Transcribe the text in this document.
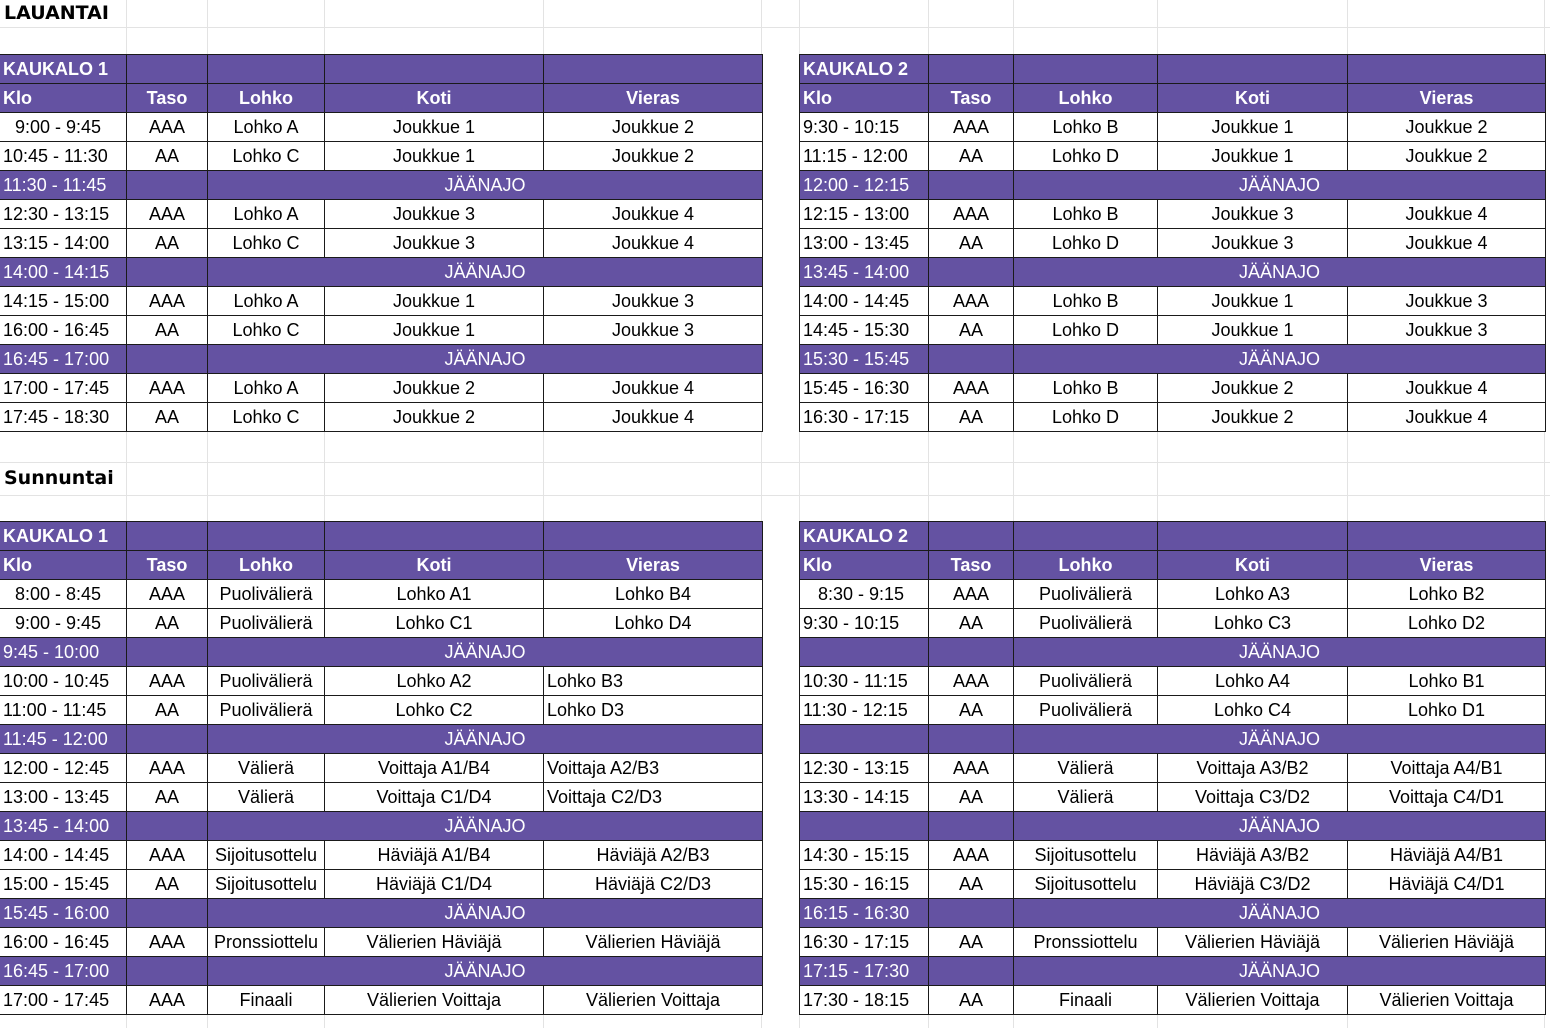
LAUANTAI
KAUKALO 1				
Klo	Taso	Lohko	Koti	Vieras
9:00 - 9:45	AAA	Lohko A	Joukkue 1	Joukkue 2
10:45 - 11:30	AA	Lohko C	Joukkue 1	Joukkue 2
11:30 - 11:45		JÄÄNAJO		
12:30 - 13:15	AAA	Lohko A	Joukkue 3	Joukkue 4
13:15 - 14:00	AA	Lohko C	Joukkue 3	Joukkue 4
14:00 - 14:15		JÄÄNAJO		
14:15 - 15:00	AAA	Lohko A	Joukkue 1	Joukkue 3
16:00 - 16:45	AA	Lohko C	Joukkue 1	Joukkue 3
16:45 - 17:00		JÄÄNAJO		
17:00 - 17:45	AAA	Lohko A	Joukkue 2	Joukkue 4
17:45 - 18:30	AA	Lohko C	Joukkue 2	Joukkue 4
KAUKALO 2				
Klo	Taso	Lohko	Koti	Vieras
9:30 - 10:15	AAA	Lohko B	Joukkue 1	Joukkue 2
11:15 - 12:00	AA	Lohko D	Joukkue 1	Joukkue 2
12:00 - 12:15		JÄÄNAJO		
12:15 - 13:00	AAA	Lohko B	Joukkue 3	Joukkue 4
13:00 - 13:45	AA	Lohko D	Joukkue 3	Joukkue 4
13:45 - 14:00		JÄÄNAJO		
14:00 - 14:45	AAA	Lohko B	Joukkue 1	Joukkue 3
14:45 - 15:30	AA	Lohko D	Joukkue 1	Joukkue 3
15:30 - 15:45		JÄÄNAJO		
15:45 - 16:30	AAA	Lohko B	Joukkue 2	Joukkue 4
16:30 - 17:15	AA	Lohko D	Joukkue 2	Joukkue 4
Sunnuntai
KAUKALO 1				
Klo	Taso	Lohko	Koti	Vieras
8:00 - 8:45	AAA	Puolivälierä	Lohko A1	Lohko B4
9:00 - 9:45	AA	Puolivälierä	Lohko C1	Lohko D4
9:45 - 10:00		JÄÄNAJO		
10:00 - 10:45	AAA	Puolivälierä	Lohko A2	Lohko B3
11:00 - 11:45	AA	Puolivälierä	Lohko C2	Lohko D3
11:45 - 12:00		JÄÄNAJO		
12:00 - 12:45	AAA	Välierä	Voittaja A1/B4	Voittaja A2/B3
13:00 - 13:45	AA	Välierä	Voittaja C1/D4	Voittaja C2/D3
13:45 - 14:00		JÄÄNAJO		
14:00 - 14:45	AAA	Sijoitusottelu	Häviäjä A1/B4	Häviäjä A2/B3
15:00 - 15:45	AA	Sijoitusottelu	Häviäjä C1/D4	Häviäjä C2/D3
15:45 - 16:00		JÄÄNAJO		
16:00 - 16:45	AAA	Pronssiottelu	Välierien Häviäjä	Välierien Häviäjä
16:45 - 17:00		JÄÄNAJO		
17:00 - 17:45	AAA	Finaali	Välierien Voittaja	Välierien Voittaja
KAUKALO 2				
Klo	Taso	Lohko	Koti	Vieras
8:30 - 9:15	AAA	Puolivälierä	Lohko A3	Lohko B2
9:30 - 10:15	AA	Puolivälierä	Lohko C3	Lohko D2
		JÄÄNAJO		
10:30 - 11:15	AAA	Puolivälierä	Lohko A4	Lohko B1
11:30 - 12:15	AA	Puolivälierä	Lohko C4	Lohko D1
		JÄÄNAJO		
12:30 - 13:15	AAA	Välierä	Voittaja A3/B2	Voittaja A4/B1
13:30 - 14:15	AA	Välierä	Voittaja C3/D2	Voittaja C4/D1
		JÄÄNAJO		
14:30 - 15:15	AAA	Sijoitusottelu	Häviäjä A3/B2	Häviäjä A4/B1
15:30 - 16:15	AA	Sijoitusottelu	Häviäjä C3/D2	Häviäjä C4/D1
16:15 - 16:30		JÄÄNAJO		
16:30 - 17:15	AA	Pronssiottelu	Välierien Häviäjä	Välierien Häviäjä
17:15 - 17:30		JÄÄNAJO		
17:30 - 18:15	AA	Finaali	Välierien Voittaja	Välierien Voittaja
